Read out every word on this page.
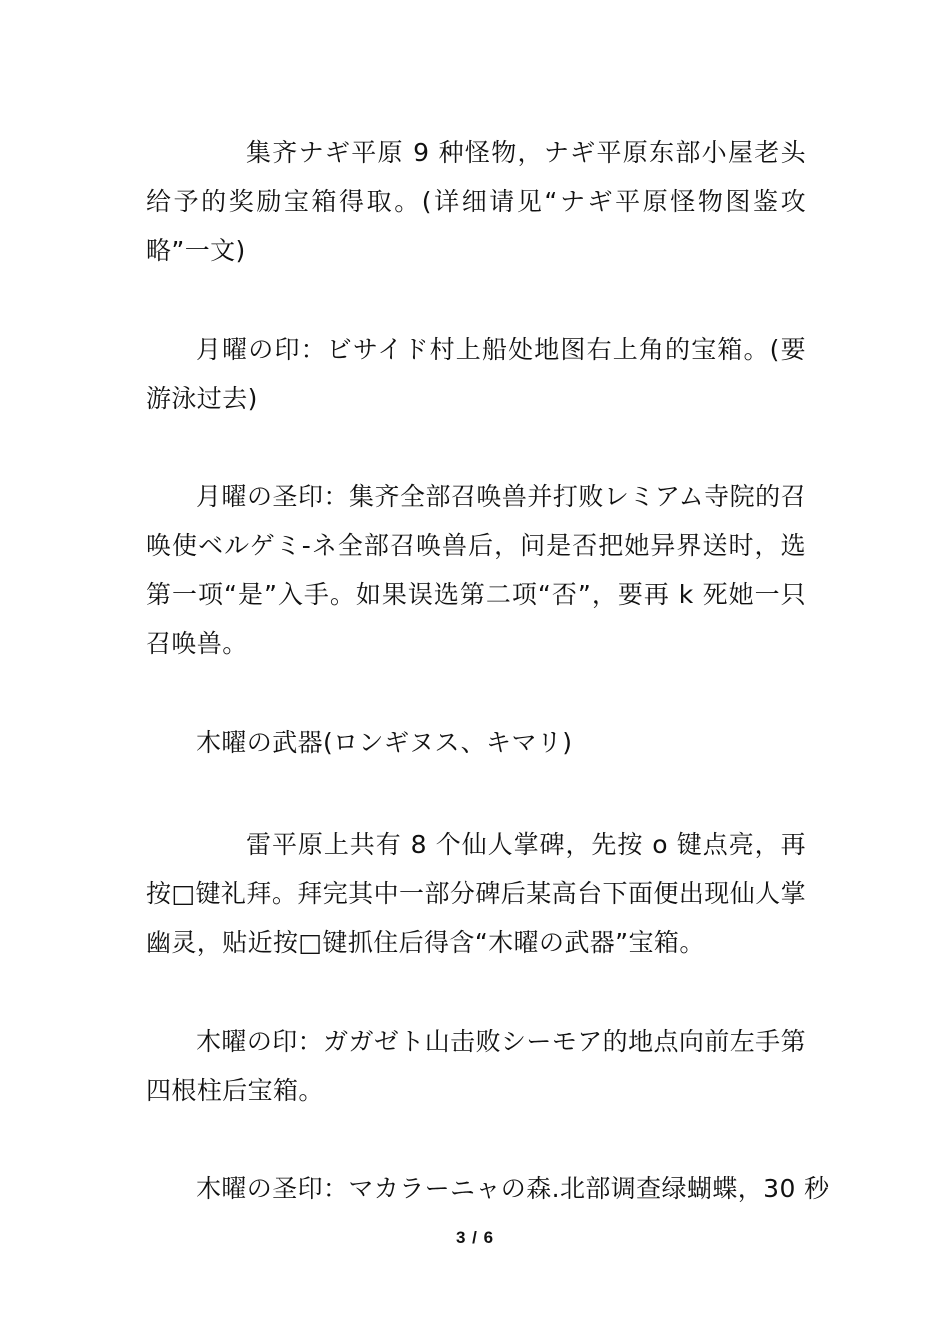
集齐ナギ平原 9 种怪物，ナギ平原东部小屋老头给予的奖励宝箱得取。(详细请见“ナギ平原怪物图鉴攻略”一文)

月曜の印：ビサイド村上船处地图右上角的宝箱。(要游泳过去)

月曜の圣印：集齐全部召唤兽并打败レミアム寺院的召唤使ベルゲミ-ネ全部召唤兽后，问是否把她异界送时，选第一项“是”入手。如果误选第二项“否”，要再 k 死她一只召唤兽。

木曜の武器(ロンギヌス、キマリ)

雷平原上共有 8 个仙人掌碑，先按 o 键点亮，再按□键礼拜。拜完其中一部分碑后某高台下面便出现仙人掌幽灵，贴近按□键抓住后得含“木曜の武器”宝箱。

木曜の印：ガガゼト山击败シーモア的地点向前左手第四根柱后宝箱。

木曜の圣印：マカラーニャの森.北部调查绿蝴蝶，30 秒

3 / 6
